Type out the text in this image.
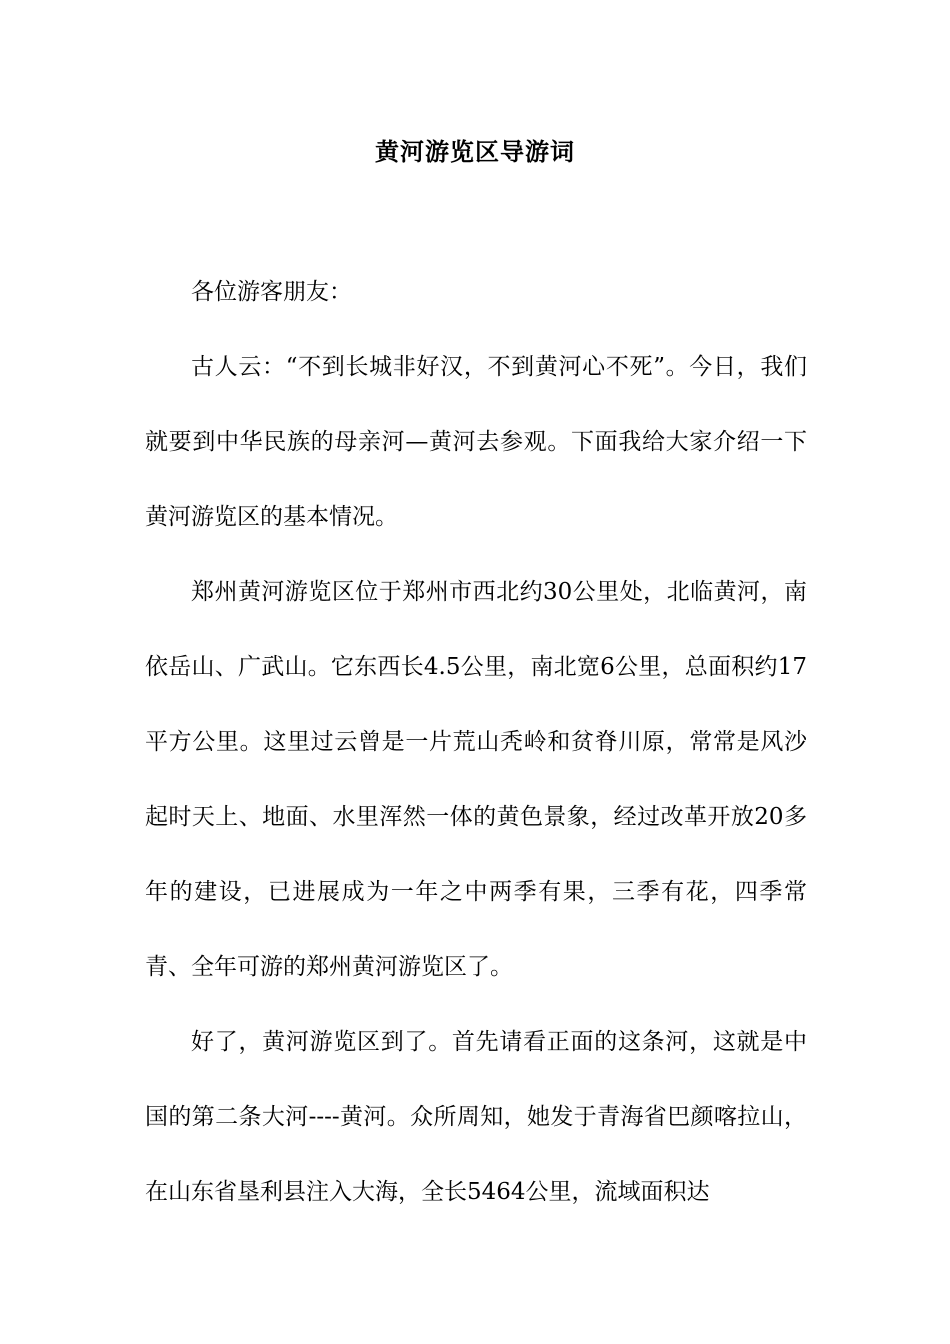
黄河游览区导游词

各位游客朋友：

古人云：“不到长城非好汉，不到黄河心不死”。今日，我们就要到中华民族的母亲河—黄河去参观。下面我给大家介绍一下黄河游览区的基本情况。

郑州黄河游览区位于郑州市西北约30公里处，北临黄河，南依岳山、广武山。它东西长4.5公里，南北宽6公里，总面积约17平方公里。这里过云曾是一片荒山秃岭和贫脊川原，常常是风沙起时天上、地面、水里浑然一体的黄色景象，经过改革开放20多年的建设，已进展成为一年之中两季有果，三季有花，四季常青、全年可游的郑州黄河游览区了。

好了，黄河游览区到了。首先请看正面的这条河，这就是中国的第二条大河----黄河。众所周知，她发于青海省巴颜喀拉山，在山东省垦利县注入大海，全长5464公里，流域面积达
